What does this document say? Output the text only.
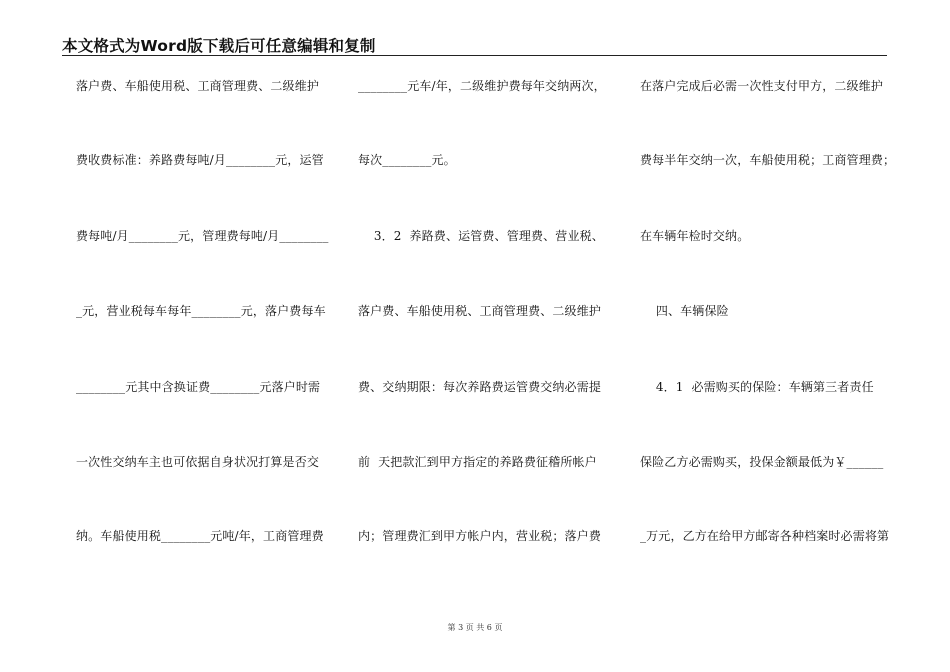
本文格式为Word版下载后可任意编辑和复制
落户费、车船使用税、工商管理费、二级维护
费收费标准：养路费每吨/月________元，运管
费每吨/月________元，管理费每吨/月________
_元，营业税每车每年________元，落户费每车
________元其中含换证费________元落户时需
一次性交纳车主也可依据自身状况打算是否交
纳。车船使用税________元吨/年，工商管理费
________元车/年，二级维护费每年交纳两次，
每次________元。
3．2  养路费、运管费、管理费、营业税、
落户费、车船使用税、工商管理费、二级维护
费、交纳期限：每次养路费运管费交纳必需提
前  天把款汇到甲方指定的养路费征稽所帐户
内；管理费汇到甲方帐户内，营业税；落户费
在落户完成后必需一次性支付甲方，二级维护
费每半年交纳一次，车船使用税；工商管理费；
在车辆年检时交纳。
四、车辆保险
4．1  必需购买的保险：车辆第三者责任
保险乙方必需购买，投保金额最低为￥______
_万元，乙方在给甲方邮寄各种档案时必需将第
第 3 页 共 6 页
